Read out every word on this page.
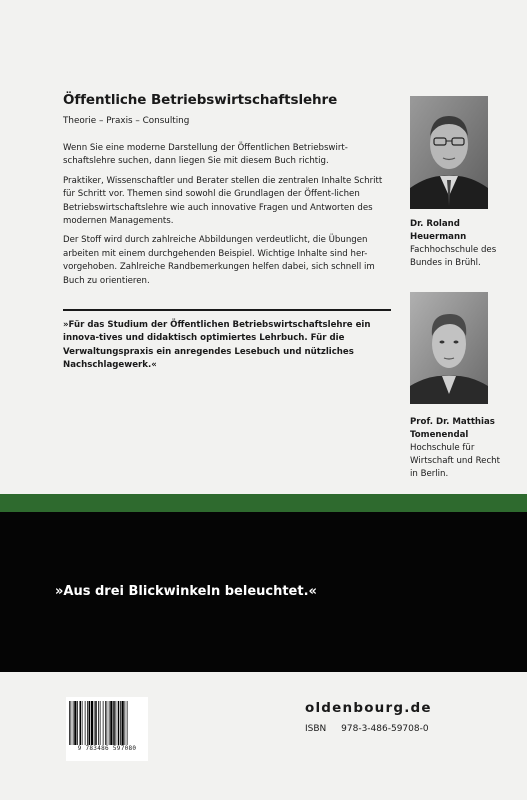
Öffentliche Betriebswirtschaftslehre
Theorie – Praxis – Consulting

Wenn Sie eine moderne Darstellung der Öffentlichen Betriebswirt-schaftslehre suchen, dann liegen Sie mit diesem Buch richtig.

Praktiker, Wissenschaftler und Berater stellen die zentralen Inhalte Schritt für Schritt vor. Themen sind sowohl die Grundlagen der Öffent-lichen Betriebswirtschaftslehre wie auch innovative Fragen und Antworten des modernen Managements.

Der Stoff wird durch zahlreiche Abbildungen verdeutlicht, die Übungen arbeiten mit einem durchgehenden Beispiel. Wichtige Inhalte sind her-vorgehoben. Zahlreiche Randbemerkungen helfen dabei, sich schnell im Buch zu orientieren.

»Für das Studium der Öffentlichen Betriebswirtschaftslehre ein innova-tives und didaktisch optimiertes Lehrbuch. Für die Verwaltungspraxis ein anregendes Lesebuch und nützliches Nachschlagewerk.«
Dr. Roland Heuermann
Fachhochschule des Bundes in Brühl.
Prof. Dr. Matthias Tomenendal
Hochschule für Wirtschaft und Recht in Berlin.
»Aus drei Blickwinkeln beleuchtet.«
9 783486 597080
oldenbourg.de
ISBN 978-3-486-59708-0
